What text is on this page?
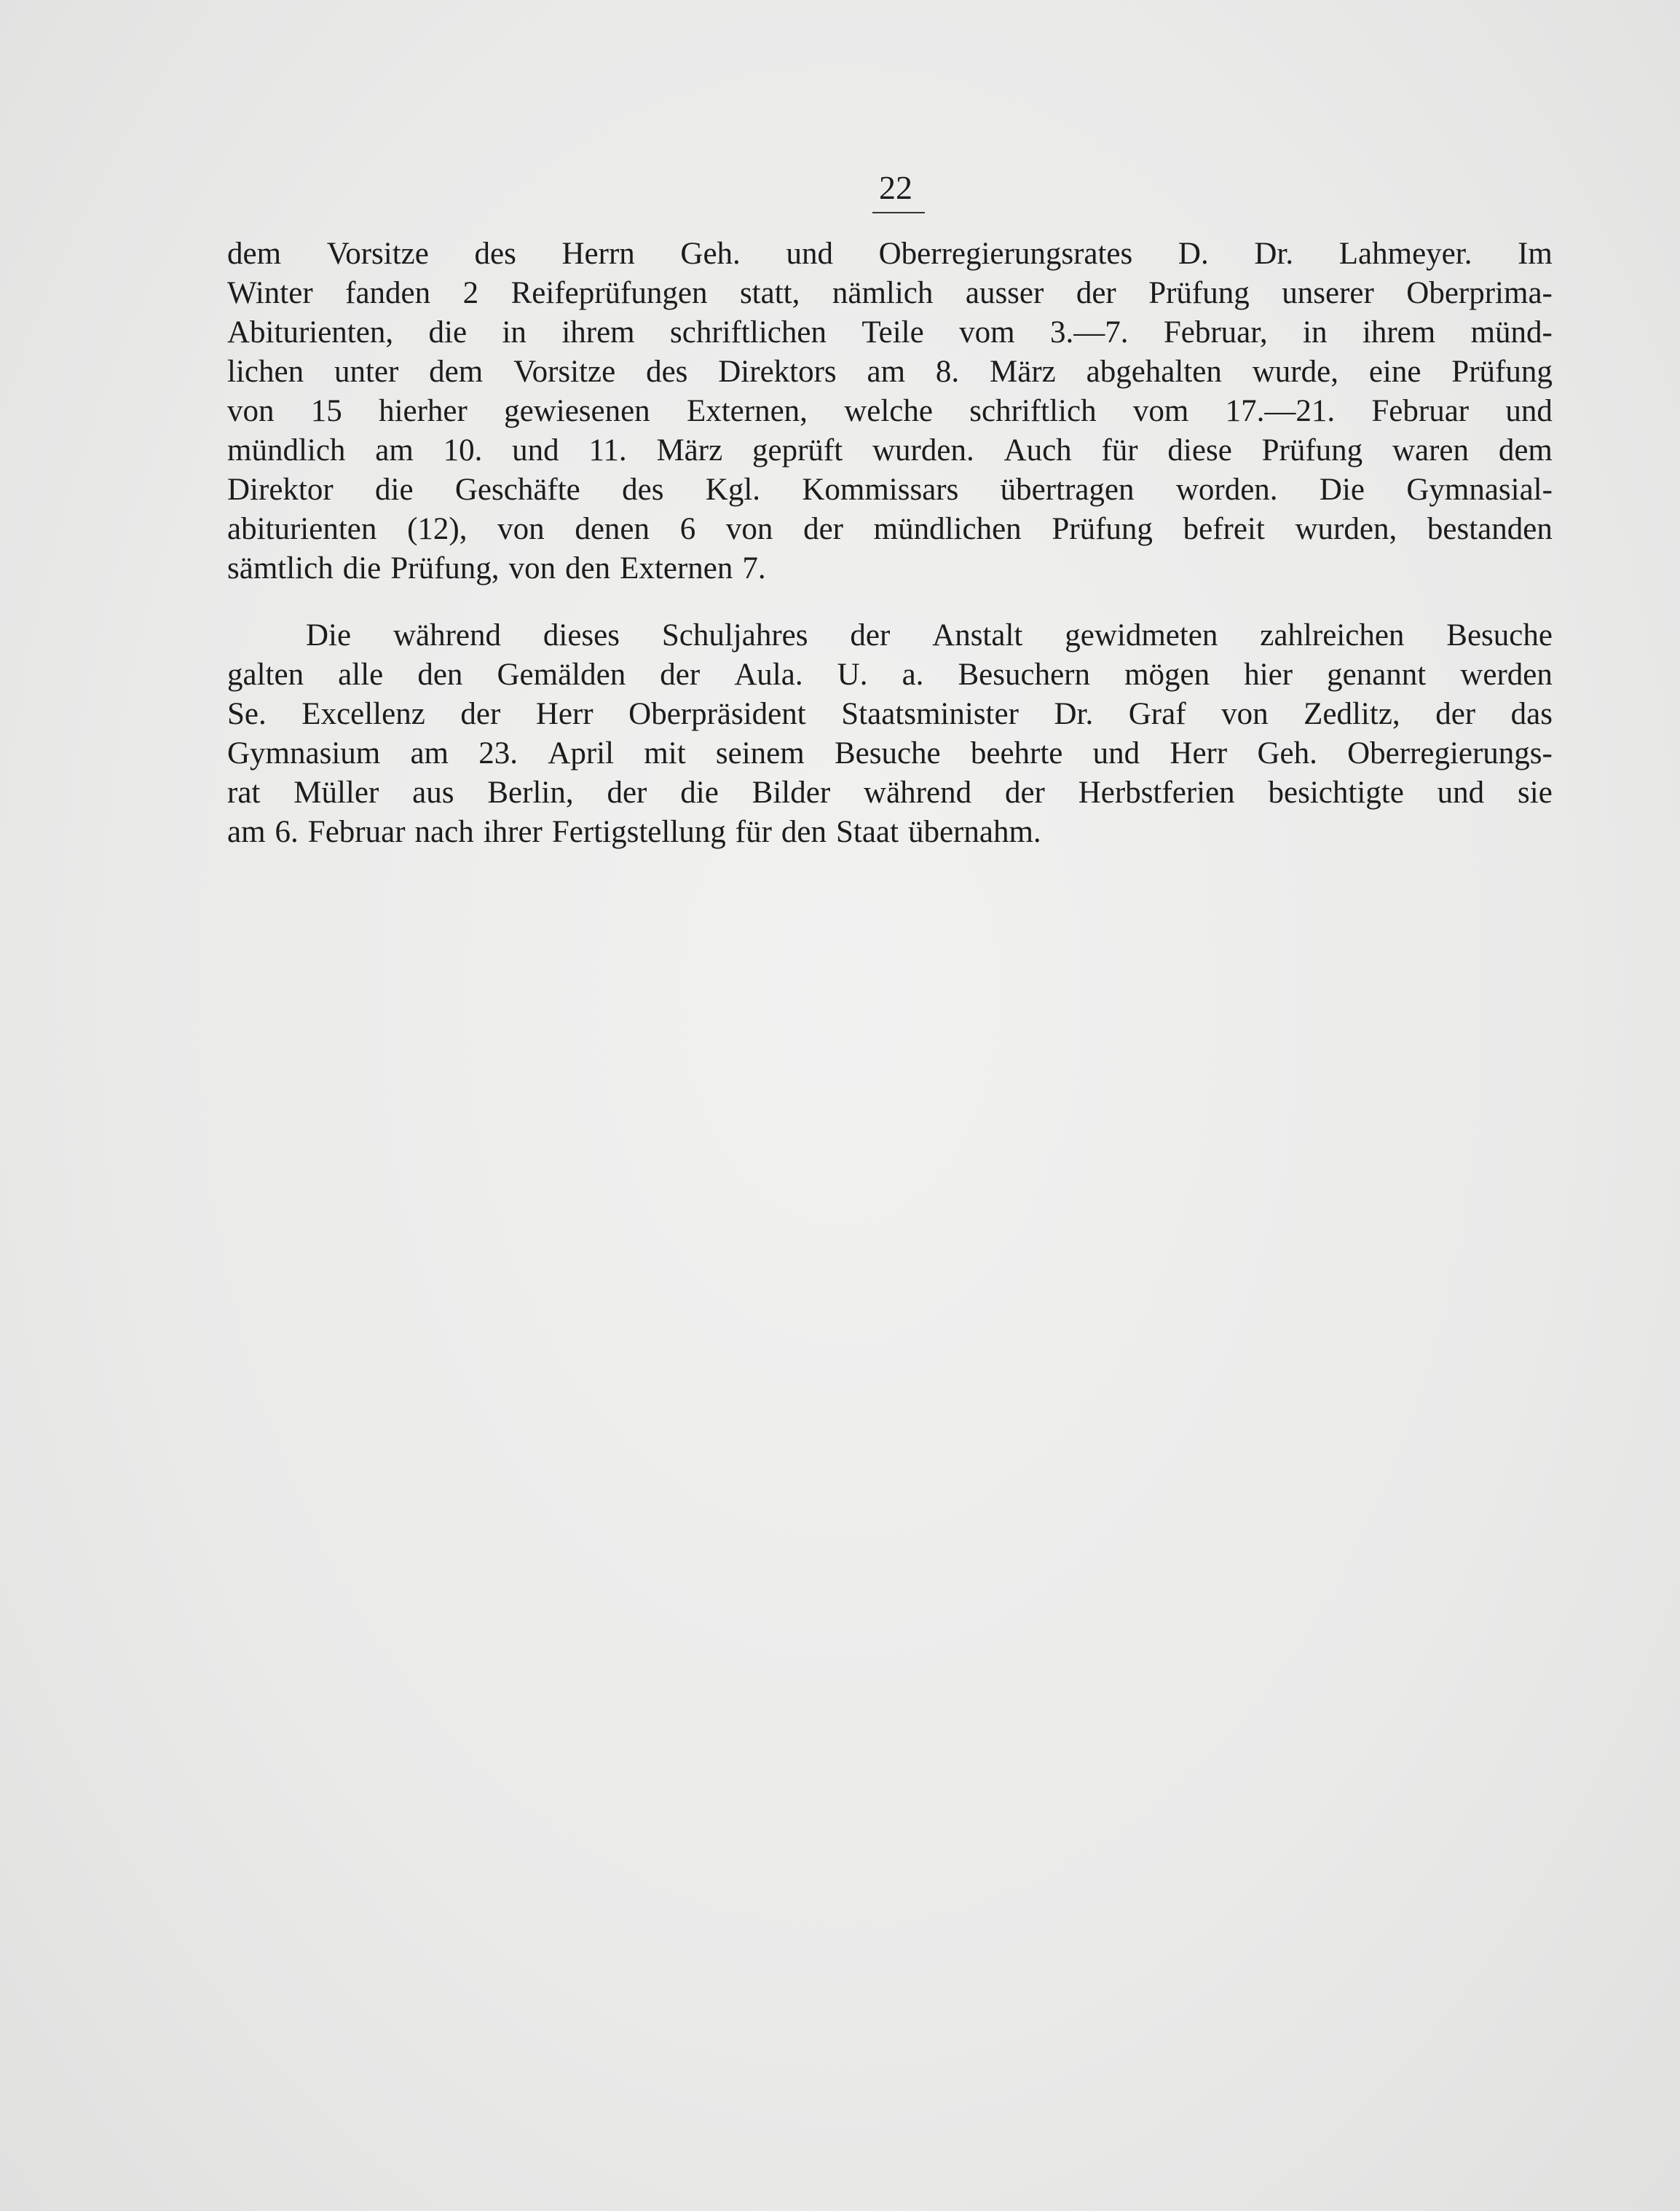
22
dem Vorsitze des Herrn Geh. und Oberregierungsrates D. Dr. Lahmeyer. Im
Winter fanden 2 Reifeprüfungen statt, nämlich ausser der Prüfung unserer Oberprima-
Abiturienten, die in ihrem schriftlichen Teile vom 3.—7. Februar, in ihrem münd-
lichen unter dem Vorsitze des Direktors am 8. März abgehalten wurde, eine Prüfung
von 15 hierher gewiesenen Externen, welche schriftlich vom 17.—21. Februar und
mündlich am 10. und 11. März geprüft wurden. Auch für diese Prüfung waren dem
Direktor die Geschäfte des Kgl. Kommissars übertragen worden. Die Gymnasial-
abiturienten (12), von denen 6 von der mündlichen Prüfung befreit wurden, bestanden
sämtlich die Prüfung, von den Externen 7.
Die während dieses Schuljahres der Anstalt gewidmeten zahlreichen Besuche
galten alle den Gemälden der Aula. U. a. Besuchern mögen hier genannt werden
Se. Excellenz der Herr Oberpräsident Staatsminister Dr. Graf von Zedlitz, der das
Gymnasium am 23. April mit seinem Besuche beehrte und Herr Geh. Oberregierungs-
rat Müller aus Berlin, der die Bilder während der Herbstferien besichtigte und sie
am 6. Februar nach ihrer Fertigstellung für den Staat übernahm.
